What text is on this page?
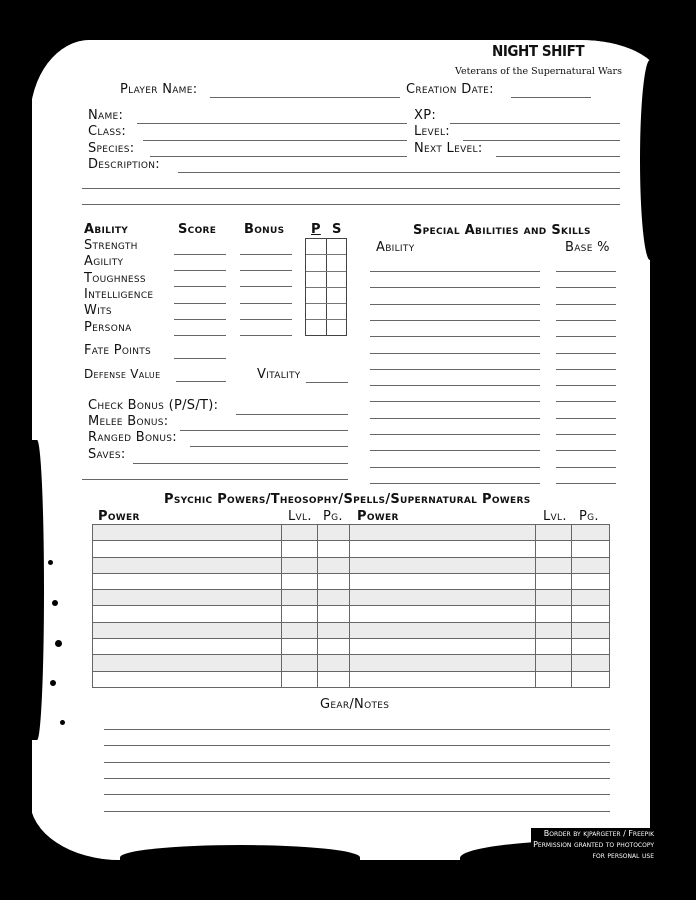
NIGHT SHIFT
Veterans of the Supernatural Wars
Player Name:	Creation Date:
Name:
Class:
Species:
Description:
XP:
Level:
Next Level:
Ability	Score Bonus P S
Strength
Agility
Toughness
Intelligence
Wits
Persona
Fate Points
Defense Value	Vitality
Check Bonus (P/S/T):
Melee Bonus:
Ranged Bonus:
Saves:
Special Abilities and Skills
Ability	Base %
Psychic Powers/Theosophy/Spells/Supernatural Powers
Power	Lvl. Pg. Power	Lvl. Pg.

Gear/Notes
Border by kjpargeter / Freepik
Permission granted to photocopy
for personal use
